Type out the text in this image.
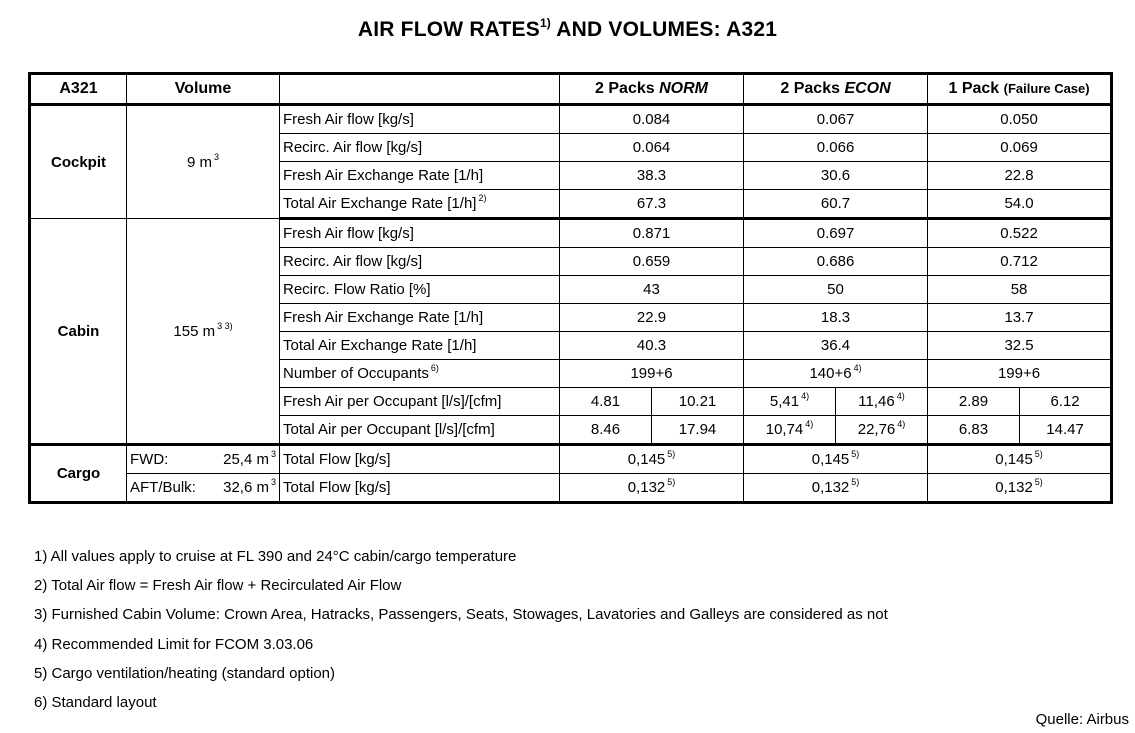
AIR FLOW RATES$^{1)}$ AND VOLUMES: A321
A321	Volume		2 Packs NORM		2 Packs ECON		1 Pack (Failure Case)	
Cockpit	9 m $^3$	Fresh Air flow [kg/s]	0.084		0.067		0.050	
		Recirc. Air flow [kg/s]	0.064		0.066		0.069	
		Fresh Air Exchange Rate [1/h]	38.3		30.6		22.8	
		Total Air Exchange Rate [1/h] $^{2)}$	67.3		60.7		54.0	
Cabin	155 m $^{3 3)}$	Fresh Air flow [kg/s]	0.871		0.697		0.522	
		Recirc. Air flow [kg/s]	0.659		0.686		0.712	
		Recirc. Flow Ratio [%]	43		50		58	
		Fresh Air Exchange Rate [1/h]	22.9		18.3		13.7	
		Total Air Exchange Rate [1/h]	40.3		36.4		32.5	
		Number of Occupants $^{6)}$	199+6		140+6 $^{4)}$		199+6	
		Fresh Air per Occupant [l/s]/[cfm]	4.81	10.21	5,41 $^{4)}$	11,46 $^{4)}$	2.89	6.12
		Total Air per Occupant [l/s]/[cfm]	8.46	17.94	10,74 $^{4)}$	22,76 $^{4)}$	6.83	14.47
Cargo	FWD: 25,4 m $^3$	Total Flow [kg/s]	0,145 $^{5)}$		0,145 $^{5)}$		0,145 $^{5)}$

	AFT/Bulk: 32,6 m $^3$	Total Flow [kg/s]	0,132 $^{5)}$		0,132 $^{5)}$		0,132 $^{5)}$
1) All values apply to cruise at FL 390 and 24°C cabin/cargo temperature
2) Total Air flow = Fresh Air flow + Recirculated Air Flow
3) Furnished Cabin Volume: Crown Area, Hatracks, Passengers, Seats, Stowages, Lavatories and Galleys are considered as not
4) Recommended Limit for FCOM 3.03.06
5) Cargo ventilation/heating (standard option)
6) Standard layout
Quelle: Airbus
